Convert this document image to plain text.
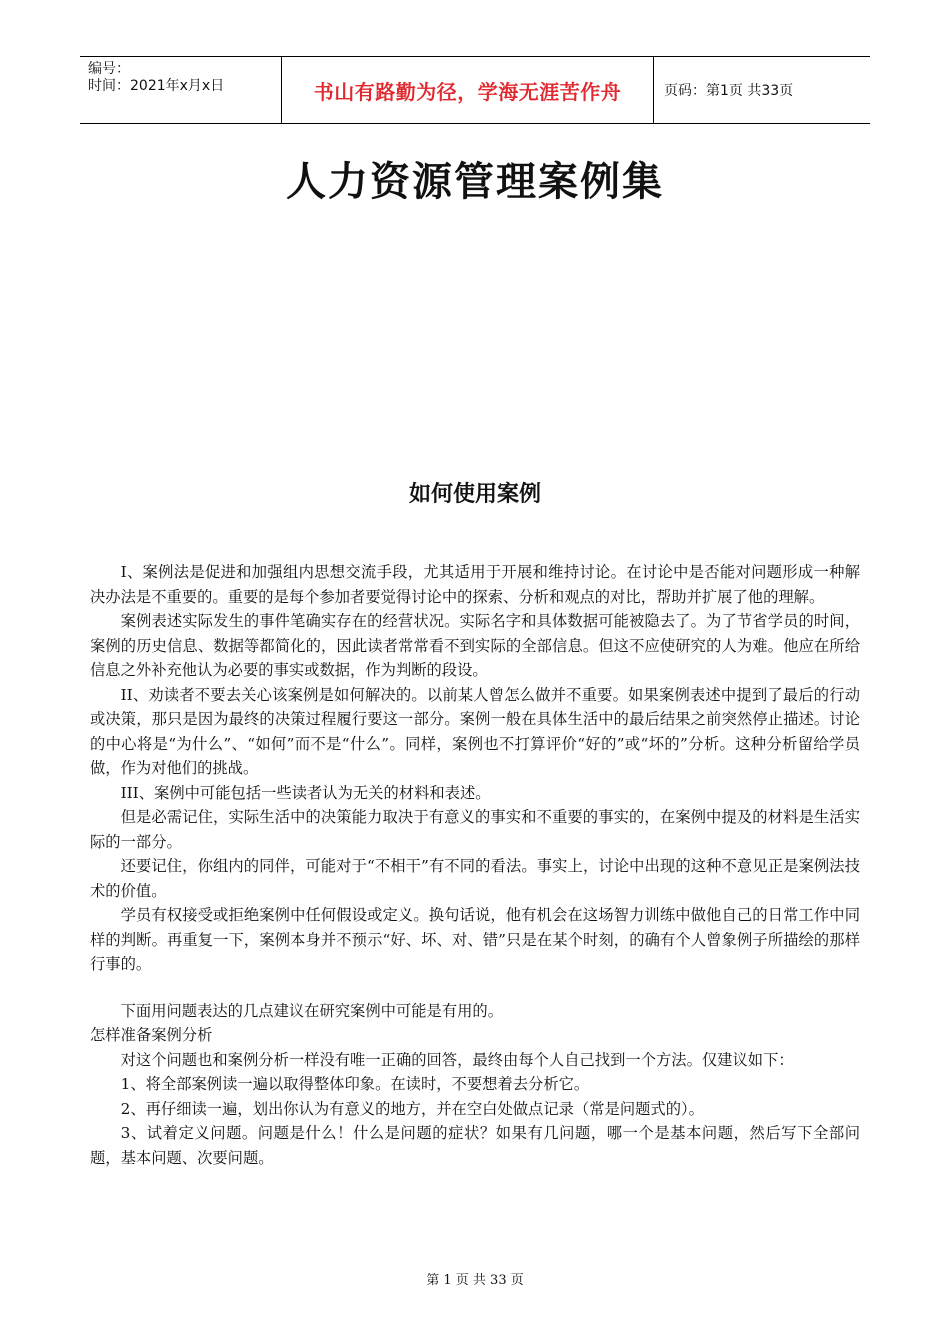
编号：
时间：2021年x月x日	书山有路勤为径，学海无涯苦作舟	页码：第1页 共33页
人力资源管理案例集
如何使用案例

I、案例法是促进和加强组内思想交流手段，尤其适用于开展和维持讨论。在讨论中是否能对问题形成一种解决办法是不重要的。重要的是每个参加者要觉得讨论中的探索、分析和观点的对比，帮助并扩展了他的理解。

案例表述实际发生的事件笔确实存在的经营状况。实际名字和具体数据可能被隐去了。为了节省学员的时间，案例的历史信息、数据等都简化的，因此读者常常看不到实际的全部信息。但这不应使研究的人为难。他应在所给信息之外补充他认为必要的事实或数据，作为判断的段设。

II、劝读者不要去关心该案例是如何解决的。以前某人曾怎么做并不重要。如果案例表述中提到了最后的行动或决策，那只是因为最终的决策过程履行要这一部分。案例一般在具体生活中的最后结果之前突然停止描述。讨论的中心将是“为什么”、“如何”而不是“什么”。同样，案例也不打算评价“好的”或“坏的”分析。这种分析留给学员做，作为对他们的挑战。

III、案例中可能包括一些读者认为无关的材料和表述。

但是必需记住，实际生活中的决策能力取决于有意义的事实和不重要的事实的，在案例中提及的材料是生活实际的一部分。

还要记住，你组内的同伴，可能对于“不相干”有不同的看法。事实上，讨论中出现的这种不意见正是案例法技术的价值。

学员有权接受或拒绝案例中任何假设或定义。换句话说，他有机会在这场智力训练中做他自己的日常工作中同样的判断。再重复一下，案例本身并不预示“好、坏、对、错”只是在某个时刻，的确有个人曾象例子所描绘的那样行事的。

下面用问题表达的几点建议在研究案例中可能是有用的。

怎样准备案例分析

对这个问题也和案例分析一样没有唯一正确的回答，最终由每个人自己找到一个方法。仅建议如下：

1、将全部案例读一遍以取得整体印象。在读时，不要想着去分析它。

2、再仔细读一遍，划出你认为有意义的地方，并在空白处做点记录（常是问题式的）。

3、试着定义问题。问题是什么！什么是问题的症状？如果有几问题，哪一个是基本问题，然后写下全部问题，基本问题、次要问题。

第 1 页 共 33 页
